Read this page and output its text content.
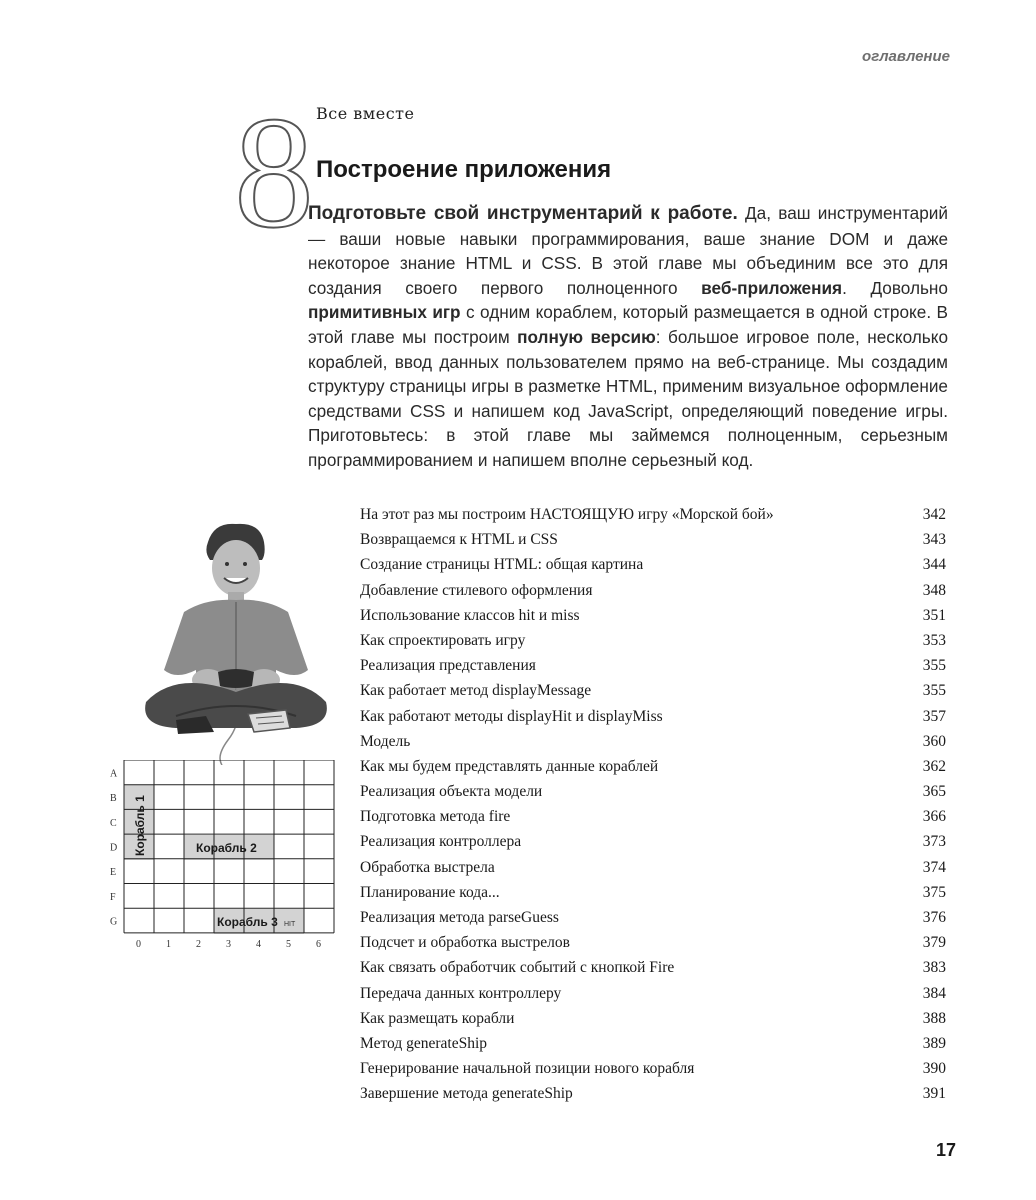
оглавление
8 Все вместе
Построение приложения
Подготовьте свой инструментарий к работе. Да, ваш инструментарий — ваши новые навыки программирования, ваше знание DOM и даже некоторое знание HTML и CSS. В этой главе мы объединим все это для создания своего первого полноценного веб-приложения. Довольно примитивных игр с одним кораблем, который размещается в одной строке. В этой главе мы построим полную версию: большое игровое поле, несколько кораблей, ввод данных пользователем прямо на веб-странице. Мы создадим структуру страницы игры в разметке HTML, применим визуальное оформление средствами CSS и напишем код JavaScript, определяющий поведение игры. Приготовьтесь: в этой главе мы займемся полноценным, серьезным программированием и напишем вполне серьезный код.
Корабль 1	Корабль 2
Корабль 3 HIT
A
B
C
D
E
F
G
0	1	2	3	4	5	6
На этот раз мы построим НАСТОЯЩУЮ игру «Морской бой»	342
Возвращаемся к HTML и CSS	343
Создание страницы HTML: общая картина	344
Добавление стилевого оформления	348
Использование классов hit и miss	351
Как спроектировать игру	353
Реализация представления	355
Как работает метод displayMessage	355
Как работают методы displayHit и displayMiss	357
Модель	360
Как мы будем представлять данные кораблей	362
Реализация объекта модели	365
Подготовка метода fire	366
Реализация контроллера	373
Обработка выстрела	374
Планирование кода...	375
Реализация метода parseGuess	376
Подсчет и обработка выстрелов	379
Как связать обработчик событий с кнопкой Fire	383
Передача данных контроллеру	384
Как размещать корабли	388
Метод generateShip	389
Генерирование начальной позиции нового корабля	390
Завершение метода generateShip	391
17
